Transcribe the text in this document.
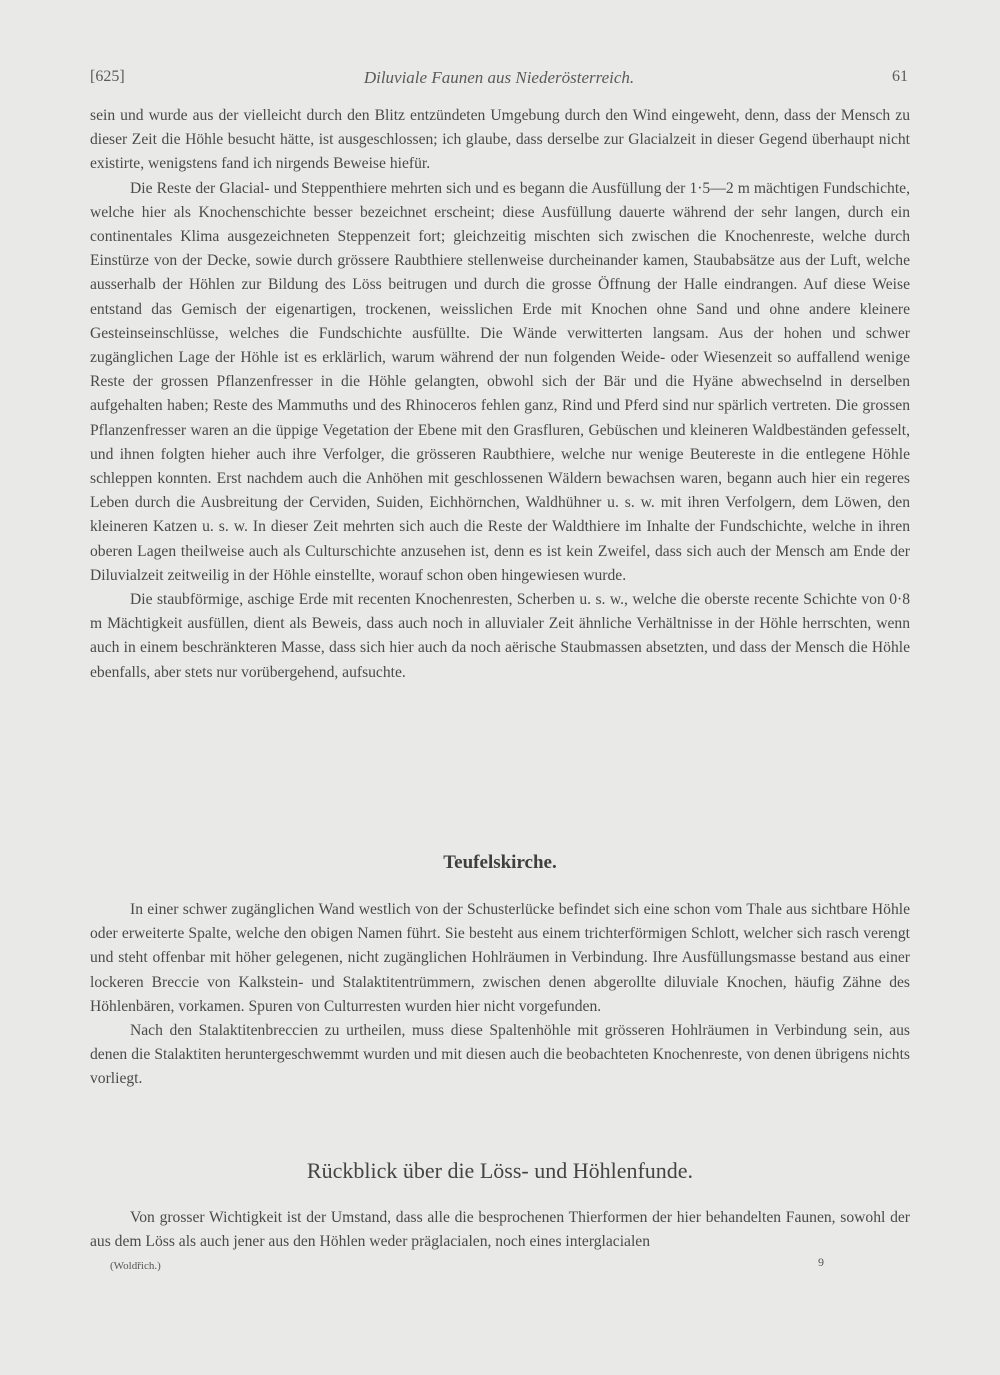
[625]	Diluviale Faunen aus Niederösterreich.	61

sein und wurde aus der vielleicht durch den Blitz entzündeten Umgebung durch den Wind eingeweht, denn, dass der Mensch zu dieser Zeit die Höhle besucht hätte, ist ausgeschlossen; ich glaube, dass derselbe zur Glacialzeit in dieser Gegend überhaupt nicht existirte, wenigstens fand ich nirgends Beweise hiefür.

Die Reste der Glacial- und Steppenthiere mehrten sich und es begann die Ausfüllung der 1·5—2 m mächtigen Fundschichte, welche hier als Knochenschichte besser bezeichnet erscheint; diese Ausfüllung dauerte während der sehr langen, durch ein continentales Klima ausgezeichneten Steppenzeit fort; gleichzeitig mischten sich zwischen die Knochenreste, welche durch Einstürze von der Decke, sowie durch grössere Raubthiere stellenweise durcheinander kamen, Staubabsätze aus der Luft, welche ausserhalb der Höhlen zur Bildung des Löss beitrugen und durch die grosse Öffnung der Halle eindrangen. Auf diese Weise entstand das Gemisch der eigenartigen, trockenen, weisslichen Erde mit Knochen ohne Sand und ohne andere kleinere Gesteinseinschlüsse, welches die Fundschichte ausfüllte. Die Wände verwitterten langsam. Aus der hohen und schwer zugänglichen Lage der Höhle ist es erklärlich, warum während der nun folgenden Weide- oder Wiesenzeit so auffallend wenige Reste der grossen Pflanzenfresser in die Höhle gelangten, obwohl sich der Bär und die Hyäne abwechselnd in derselben aufgehalten haben; Reste des Mammuths und des Rhinoceros fehlen ganz, Rind und Pferd sind nur spärlich vertreten. Die grossen Pflanzenfresser waren an die üppige Vegetation der Ebene mit den Grasfluren, Gebüschen und kleineren Waldbeständen gefesselt, und ihnen folgten hieher auch ihre Verfolger, die grösseren Raubthiere, welche nur wenige Beutereste in die entlegene Höhle schleppen konnten. Erst nachdem auch die Anhöhen mit geschlossenen Wäldern bewachsen waren, begann auch hier ein regeres Leben durch die Ausbreitung der Cerviden, Suiden, Eichhörnchen, Waldhühner u. s. w. mit ihren Verfolgern, dem Löwen, den kleineren Katzen u. s. w. In dieser Zeit mehrten sich auch die Reste der Waldthiere im Inhalte der Fundschichte, welche in ihren oberen Lagen theilweise auch als Culturschichte anzusehen ist, denn es ist kein Zweifel, dass sich auch der Mensch am Ende der Diluvialzeit zeitweilig in der Höhle einstellte, worauf schon oben hingewiesen wurde.

Die staubförmige, aschige Erde mit recenten Knochenresten, Scherben u. s. w., welche die oberste recente Schichte von 0·8 m Mächtigkeit ausfüllen, dient als Beweis, dass auch noch in alluvialer Zeit ähnliche Verhältnisse in der Höhle herrschten, wenn auch in einem beschränkteren Masse, dass sich hier auch da noch aërische Staubmassen absetzten, und dass der Mensch die Höhle ebenfalls, aber stets nur vorübergehend, aufsuchte.

Teufelskirche.

In einer schwer zugänglichen Wand westlich von der Schusterlücke befindet sich eine schon vom Thale aus sichtbare Höhle oder erweiterte Spalte, welche den obigen Namen führt. Sie besteht aus einem trichterförmigen Schlott, welcher sich rasch verengt und steht offenbar mit höher gelegenen, nicht zugänglichen Hohlräumen in Verbindung. Ihre Ausfüllungsmasse bestand aus einer lockeren Breccie von Kalkstein- und Stalaktitentrümmern, zwischen denen abgerollte diluviale Knochen, häufig Zähne des Höhlenbären, vorkamen. Spuren von Culturresten wurden hier nicht vorgefunden.

Nach den Stalaktitenbreccien zu urtheilen, muss diese Spaltenhöhle mit grösseren Hohlräumen in Verbindung sein, aus denen die Stalaktiten heruntergeschwemmt wurden und mit diesen auch die beobachteten Knochenreste, von denen übrigens nichts vorliegt.

Rückblick über die Löss- und Höhlenfunde.

Von grosser Wichtigkeit ist der Umstand, dass alle die besprochenen Thierformen der hier behandelten Faunen, sowohl der aus dem Löss als auch jener aus den Höhlen weder präglacialen, noch eines interglacialen

(Woldřich.)	9
